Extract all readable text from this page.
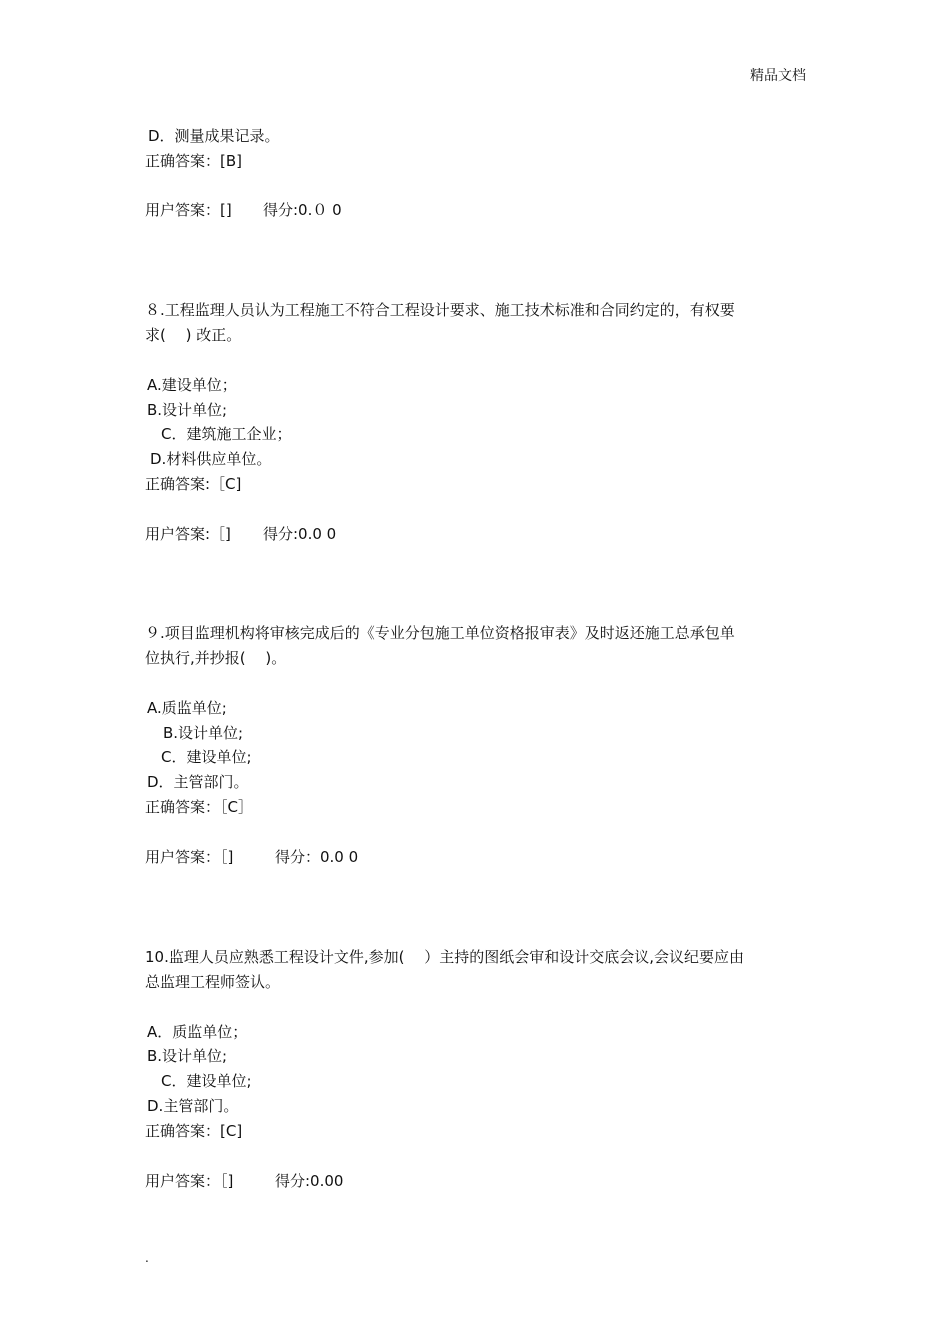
精品文档
D．测量成果记录。
正确答案：[B]
用户答案：[] 得分:0.０ 0
８.工程监理人员认为工程施工不符合工程设计要求、施工技术标准和合同约定的，有权要
求(　 ) 改正。
A.建设单位；
B.设计单位;
C．建筑施工企业；
D.材料供应单位。
正确答案:［C]
用户答案:［] 得分:0.0 0
９.项目监理机构将审核完成后的《专业分包施工单位资格报审表》及时返还施工总承包单
位执行,并抄报(　 )。
A.质监单位;
B.设计单位;
C．建设单位;
D．主管部门。
正确答案：［C］
用户答案：［]	得分：0.0 0
10.监理人员应熟悉工程设计文件,参加(　 ）主持的图纸会审和设计交底会议,会议纪要应由
总监理工程师签认。
A．质监单位；
B.设计单位;
C．建设单位;
D.主管部门。
正确答案：[C]
用户答案：［]	得分:0.00
.
